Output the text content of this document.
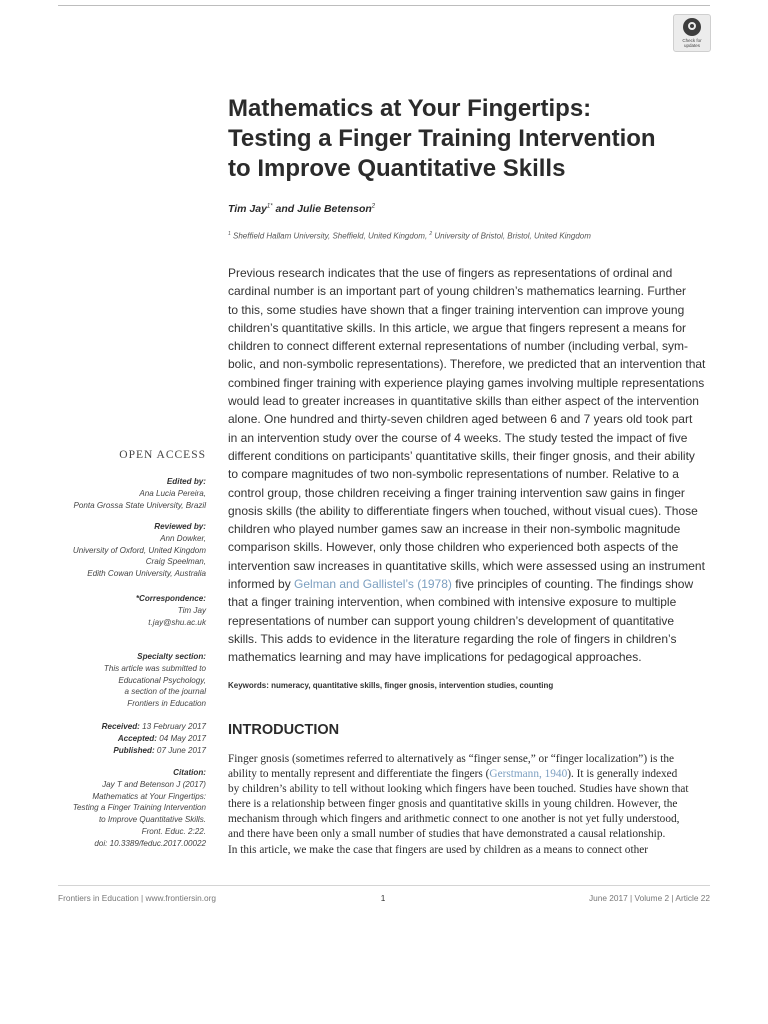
Check for
updates
Mathematics at Your Fingertips:
Testing a Finger Training Intervention
to Improve Quantitative Skills
Tim Jay$^{1*}$ and Julie Betenson$^2$
$^1$ Sheffield Hallam University, Sheffield, United Kingdom, $^2$ University of Bristol, Bristol, United Kingdom

Previous research indicates that the use of fingers as representations of ordinal and
cardinal number is an important part of young children’s mathematics learning. Further
to this, some studies have shown that a finger training intervention can improve young
children’s quantitative skills. In this article, we argue that fingers represent a means for
children to connect different external representations of number (including verbal, sym-
bolic, and non-symbolic representations). Therefore, we predicted that an intervention that
combined finger training with experience playing games involving multiple representations
would lead to greater increases in quantitative skills than either aspect of the intervention
alone. One hundred and thirty-seven children aged between 6 and 7 years old took part
in an intervention study over the course of 4 weeks. The study tested the impact of five
different conditions on participants’ quantitative skills, their finger gnosis, and their ability
to compare magnitudes of two non-symbolic representations of number. Relative to a
control group, those children receiving a finger training intervention saw gains in finger
gnosis skills (the ability to differentiate fingers when touched, without visual cues). Those
children who played number games saw an increase in their non-symbolic magnitude
comparison skills. However, only those children who experienced both aspects of the
intervention saw increases in quantitative skills, which were assessed using an instrument
informed by Gelman and Gallistel’s (1978) five principles of counting. The findings show
that a finger training intervention, when combined with intensive exposure to multiple
representations of number can support young children’s development of quantitative
skills. This adds to evidence in the literature regarding the role of fingers in children’s
mathematics learning and may have implications for pedagogical approaches.

Keywords: numeracy, quantitative skills, finger gnosis, intervention studies, counting
INTRODUCTION

Finger gnosis (sometimes referred to alternatively as “finger sense,” or “finger localization”) is the
ability to mentally represent and differentiate the fingers (Gerstmann, 1940). It is generally indexed
by children’s ability to tell without looking which fingers have been touched. Studies have shown that
there is a relationship between finger gnosis and quantitative skills in young children. However, the
mechanism through which fingers and arithmetic connect to one another is not yet fully understood,
and there have been only a small number of studies that have demonstrated a causal relationship.
In this article, we make the case that fingers are used by children as a means to connect other

OPEN ACCESS
Edited by:
Ana Lucia Pereira,
Ponta Grossa State University, Brazil
Reviewed by:
Ann Dowker,
University of Oxford, United Kingdom
Craig Speelman,
Edith Cowan University, Australia
*Correspondence:
Tim Jay
t.jay@shu.ac.uk
Specialty section:
This article was submitted to
Educational Psychology,
a section of the journal
Frontiers in Education
Received: 13 February 2017
Accepted: 04 May 2017
Published: 07 June 2017
Citation:
Jay T and Betenson J (2017)
Mathematics at Your Fingertips:
Testing a Finger Training Intervention
to Improve Quantitative Skills.
Front. Educ. 2:22.
doi: 10.3389/feduc.2017.00022
Frontiers in Education | www.frontiersin.org	1	June 2017 | Volume 2 | Article 22
